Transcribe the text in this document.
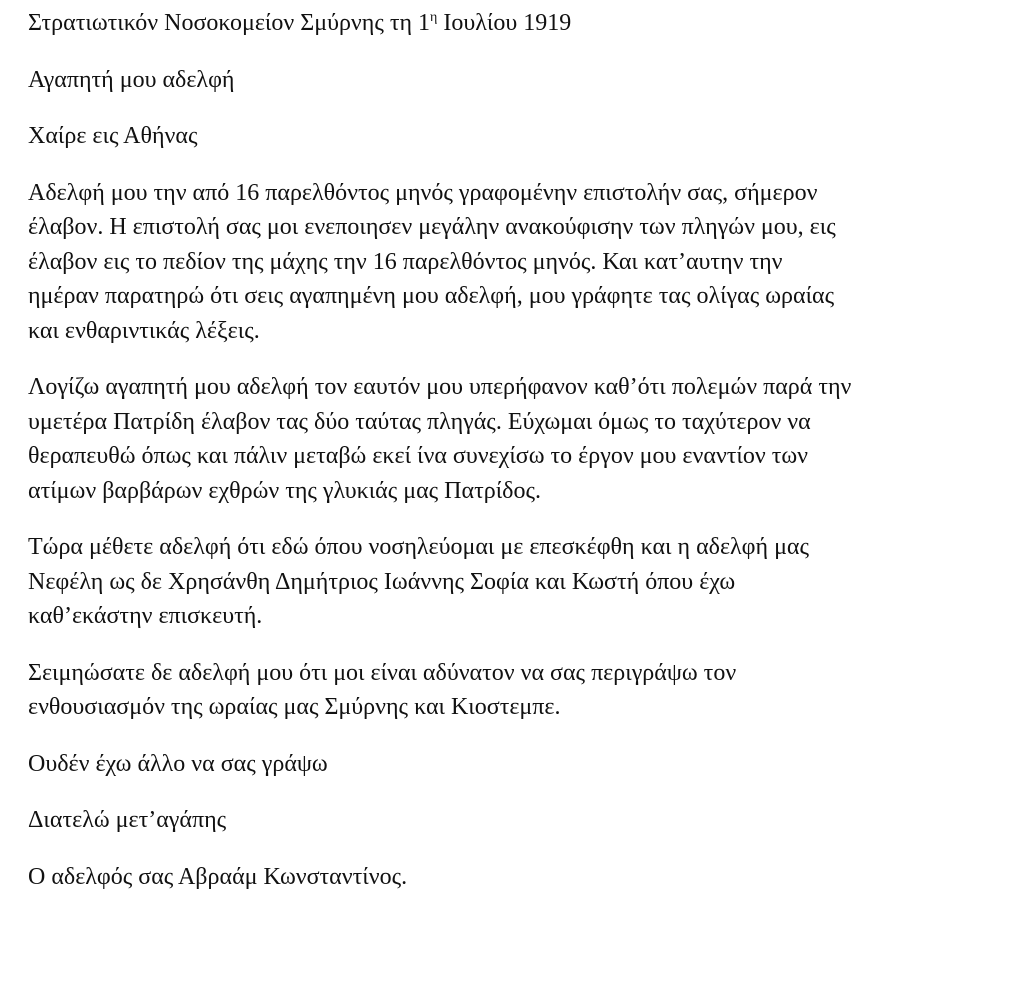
Στρατιωτικόν Νοσοκομείον Σμύρνης τη $1^\eta$ Ιουλίου 1919
Αγαπητή μου αδελφή
Χαίρε εις Αθήνας
Αδελφή μου την από 16 παρελθόντος μηνός γραφομένην επιστολήν σας, σήμερον
έλαβον. Η επιστολή σας μοι ενεποιησεν μεγάλην ανακούφισην των πληγών μου, εις
έλαβον εις το πεδίον της μάχης την 16 παρελθόντος μηνός. Και κατ’αυτην την
ημέραν παρατηρώ ότι σεις αγαπημένη μου αδελφή, μου γράφητε τας ολίγας ωραίας
και ενθαριντικάς λέξεις.
Λογίζω αγαπητή μου αδελφή τον εαυτόν μου υπερήφανον καθ’ότι πολεμών παρά την
υμετέρα Πατρίδη έλαβον τας δύο ταύτας πληγάς. Εύχωμαι όμως το ταχύτερον να
θεραπευθώ όπως και πάλιν μεταβώ εκεί ίνα συνεχίσω το έργον μου εναντίον των
ατίμων βαρβάρων εχθρών της γλυκιάς μας Πατρίδος.
Τώρα μέθετε αδελφή ότι εδώ όπου νοσηλεύομαι με επεσκέφθη και η αδελφή μας
Νεφέλη ως δε Χρησάνθη Δημήτριος Ιωάννης Σοφία και Κωστή όπου έχω
καθ’εκάστην επισκευτή.
Σειμηώσατε δε αδελφή μου ότι μοι είναι αδύνατον να σας περιγράψω τον
ενθουσιασμόν της ωραίας μας Σμύρνης και Κιοστεμπε.
Ουδέν έχω άλλο να σας γράψω
Διατελώ μετ’αγάπης
Ο αδελφός σας Αβραάμ Κωνσταντίνος.
